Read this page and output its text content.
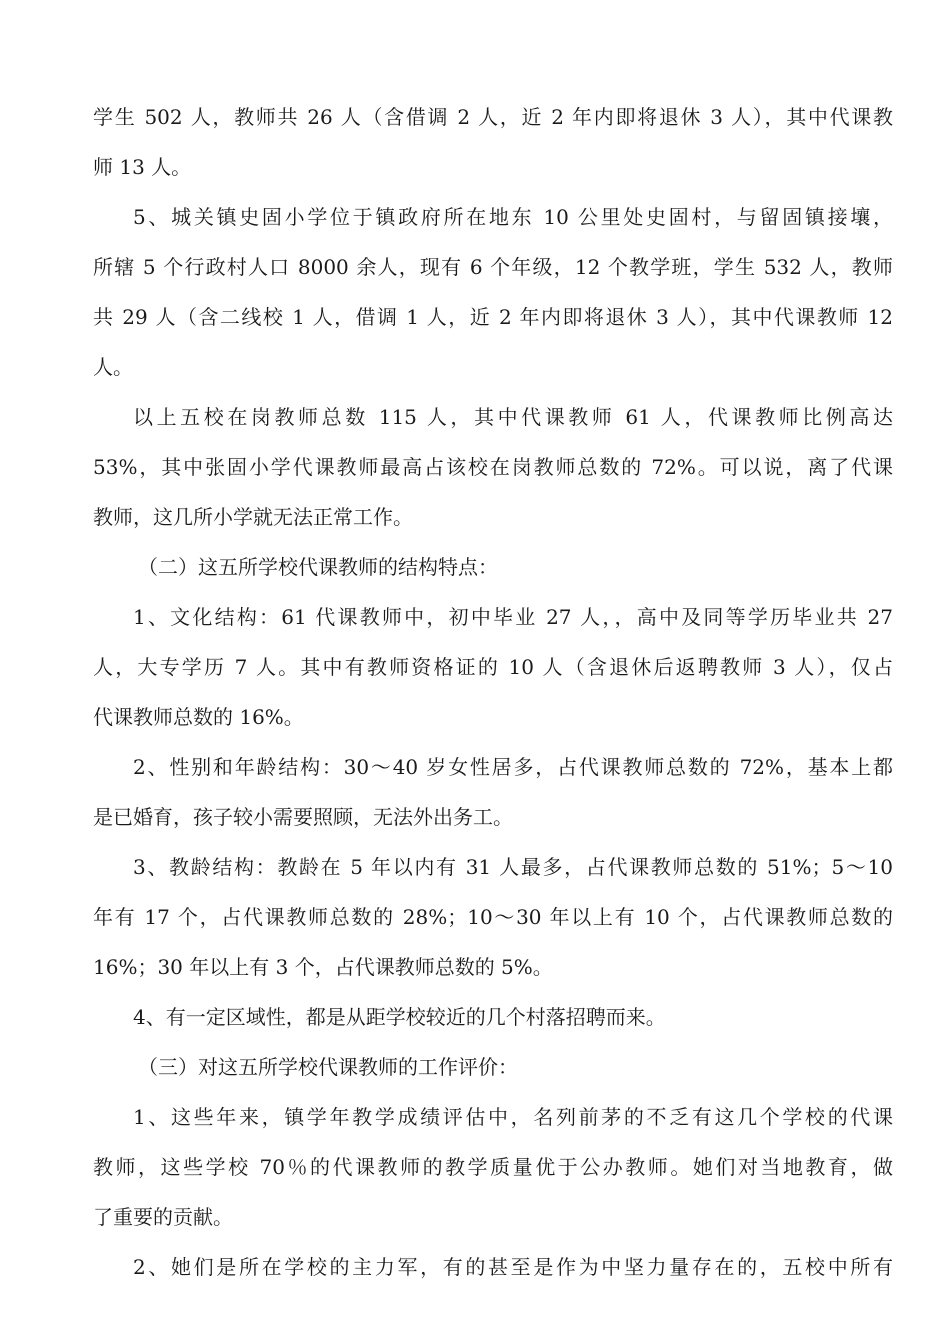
学生 502 人，教师共 26 人（含借调 2 人，近 2 年内即将退休 3 人），其中代课教
师 13 人。
5、城关镇史固小学位于镇政府所在地东 10 公里处史固村，与留固镇接壤，
所辖 5 个行政村人口 8000 余人，现有 6 个年级，12 个教学班，学生 532 人，教师
共 29 人（含二线校 1 人，借调 1 人，近 2 年内即将退休 3 人），其中代课教师 12
人。
以上五校在岗教师总数 115 人，其中代课教师 61 人，代课教师比例高达
53%，其中张固小学代课教师最高占该校在岗教师总数的 72%。可以说，离了代课
教师，这几所小学就无法正常工作。
（二）这五所学校代课教师的结构特点：
1、文化结构：61 代课教师中，初中毕业 27 人，，高中及同等学历毕业共 27
人，大专学历 7 人。其中有教师资格证的 10 人（含退休后返聘教师 3 人），仅占
代课教师总数的 16%。
2、性别和年龄结构：30～40 岁女性居多，占代课教师总数的 72%，基本上都
是已婚育，孩子较小需要照顾，无法外出务工。
3、教龄结构：教龄在 5 年以内有 31 人最多，占代课教师总数的 51%；5～10
年有 17 个，占代课教师总数的 28%；10～30 年以上有 10 个，占代课教师总数的
16%；30 年以上有 3 个，占代课教师总数的 5%。
4、有一定区域性，都是从距学校较近的几个村落招聘而来。
（三）对这五所学校代课教师的工作评价：
1、这些年来，镇学年教学成绩评估中，名列前茅的不乏有这几个学校的代课
教师，这些学校 70％的代课教师的教学质量优于公办教师。她们对当地教育，做
了重要的贡献。
2、她们是所在学校的主力军，有的甚至是作为中坚力量存在的，五校中所有
